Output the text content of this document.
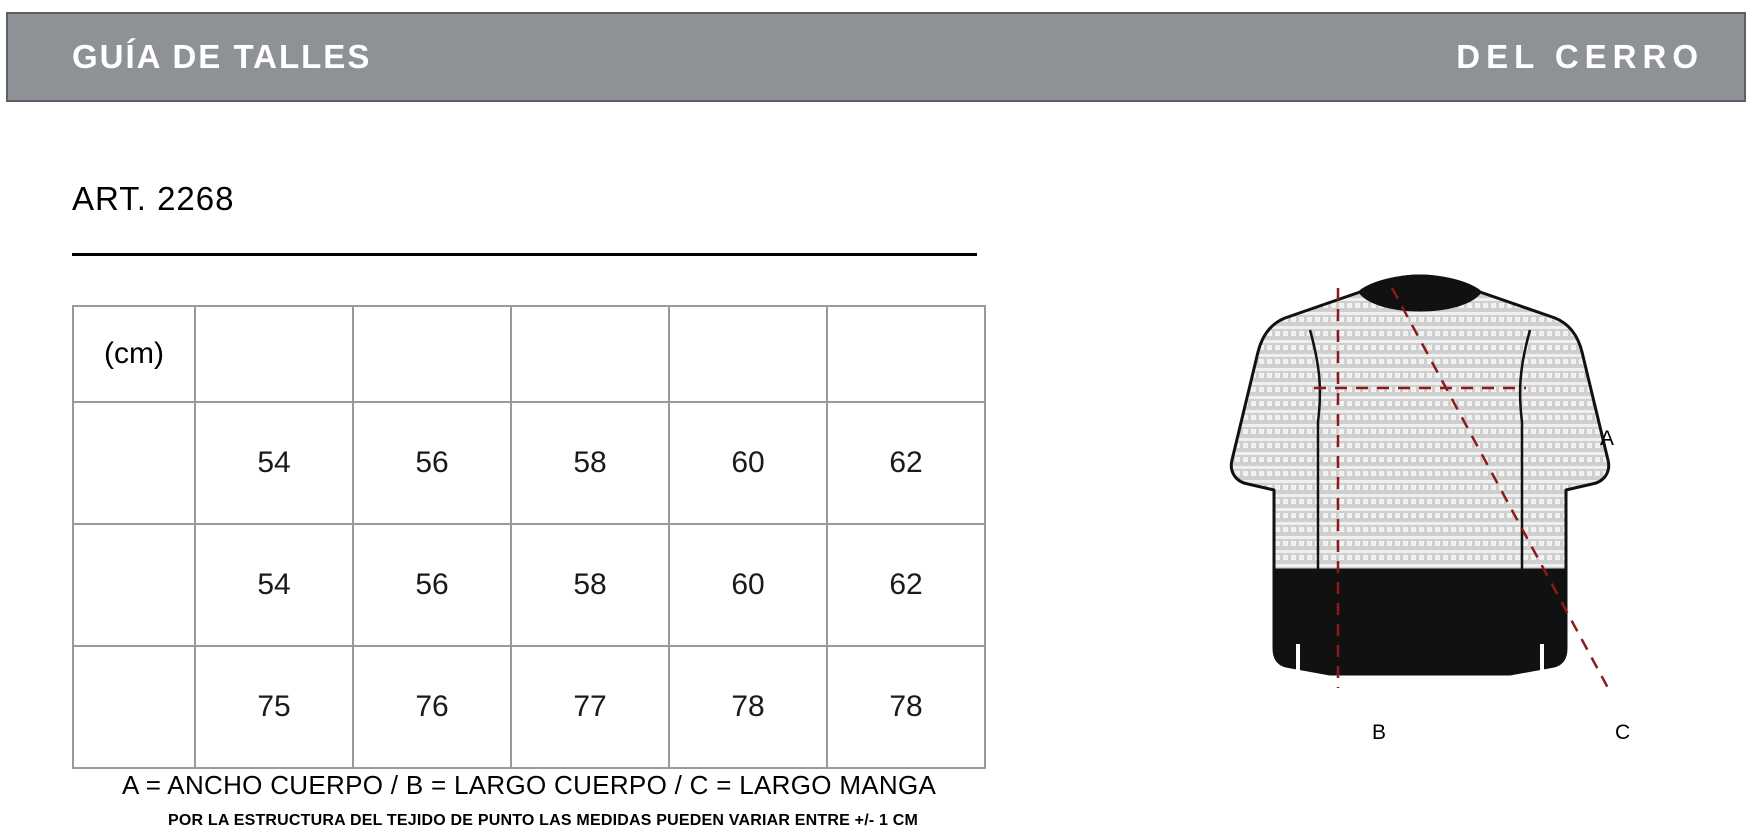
GUÍA DE TALLES	DEL CERRO
ART. 2268
(cm)	S	M	L	XL	2XL
A	54	56	58	60	62
B	54	56	58	60	62
C	75	76	77	78	78
A = ANCHO CUERPO / B = LARGO CUERPO / C = LARGO MANGA
POR LA ESTRUCTURA DEL TEJIDO DE PUNTO LAS MEDIDAS PUEDEN VARIAR ENTRE +/- 1 CM
A
B	C
